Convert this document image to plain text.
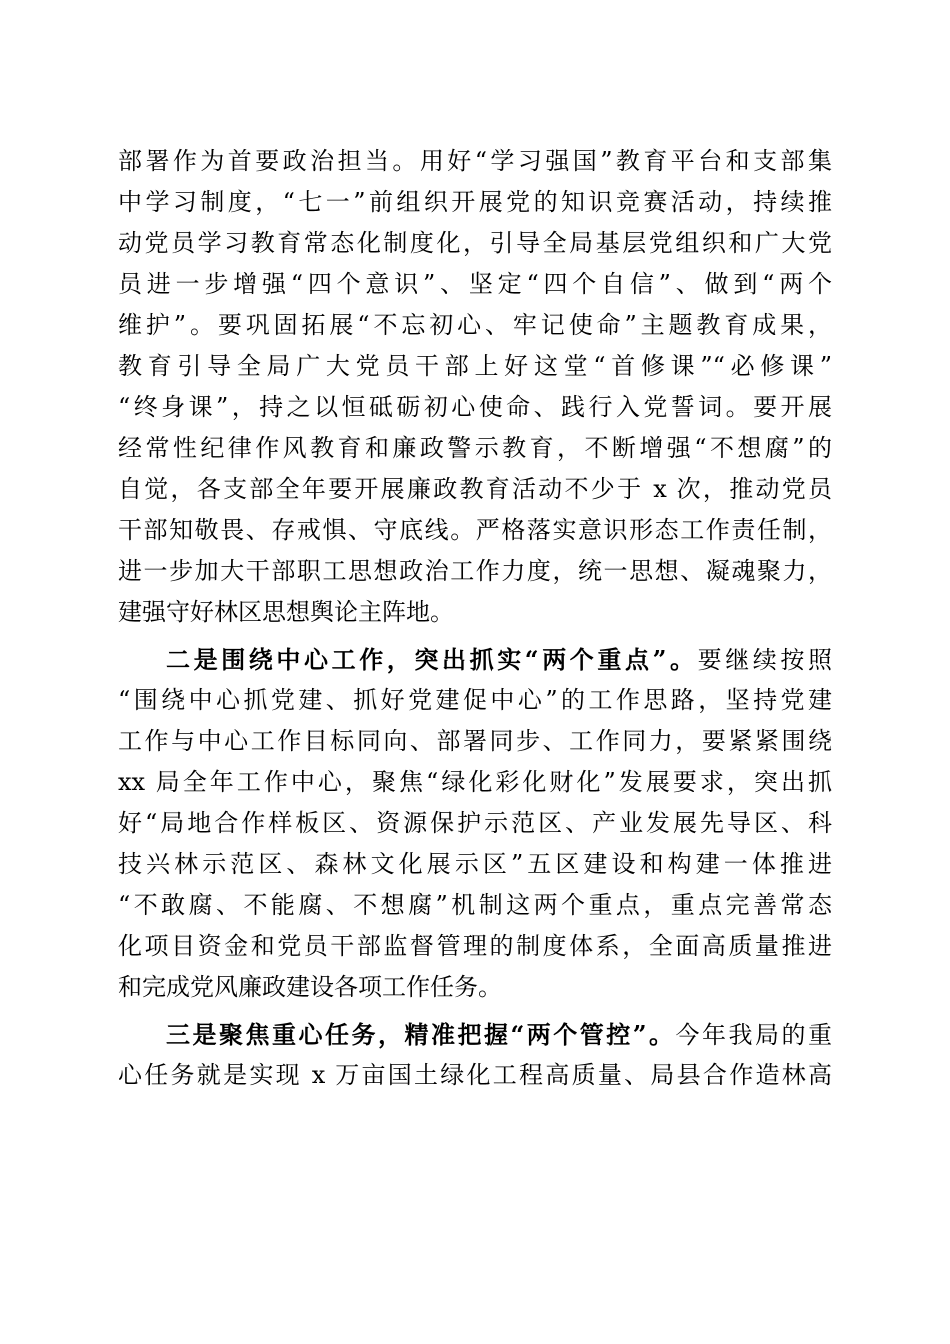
部署作为首要政治担当。用好“学习强国”教育平台和支部集
中学习制度，“七一”前组织开展党的知识竞赛活动，持续推
动党员学习教育常态化制度化，引导全局基层党组织和广大党
员进一步增强“四个意识”、坚定“四个自信”、做到“两个
维护”。要巩固拓展“不忘初心、牢记使命”主题教育成果，
教育引导全局广大党员干部上好这堂“首修课”“必修课”
“终身课”，持之以恒砥砺初心使命、践行入党誓词。要开展
经常性纪律作风教育和廉政警示教育，不断增强“不想腐”的
自觉，各支部全年要开展廉政教育活动不少于 x 次，推动党员
干部知敬畏、存戒惧、守底线。严格落实意识形态工作责任制，
进一步加大干部职工思想政治工作力度，统一思想、凝魂聚力，
建强守好林区思想舆论主阵地。
二是围绕中心工作，突出抓实“两个重点”。要继续按照
“围绕中心抓党建、抓好党建促中心”的工作思路，坚持党建
工作与中心工作目标同向、部署同步、工作同力，要紧紧围绕
xx 局全年工作中心，聚焦“绿化彩化财化”发展要求，突出抓
好“局地合作样板区、资源保护示范区、产业发展先导区、科
技兴林示范区、森林文化展示区”五区建设和构建一体推进
“不敢腐、不能腐、不想腐”机制这两个重点，重点完善常态
化项目资金和党员干部监督管理的制度体系，全面高质量推进
和完成党风廉政建设各项工作任务。
三是聚焦重心任务，精准把握“两个管控”。今年我局的重
心任务就是实现 x 万亩国土绿化工程高质量、局县合作造林高
